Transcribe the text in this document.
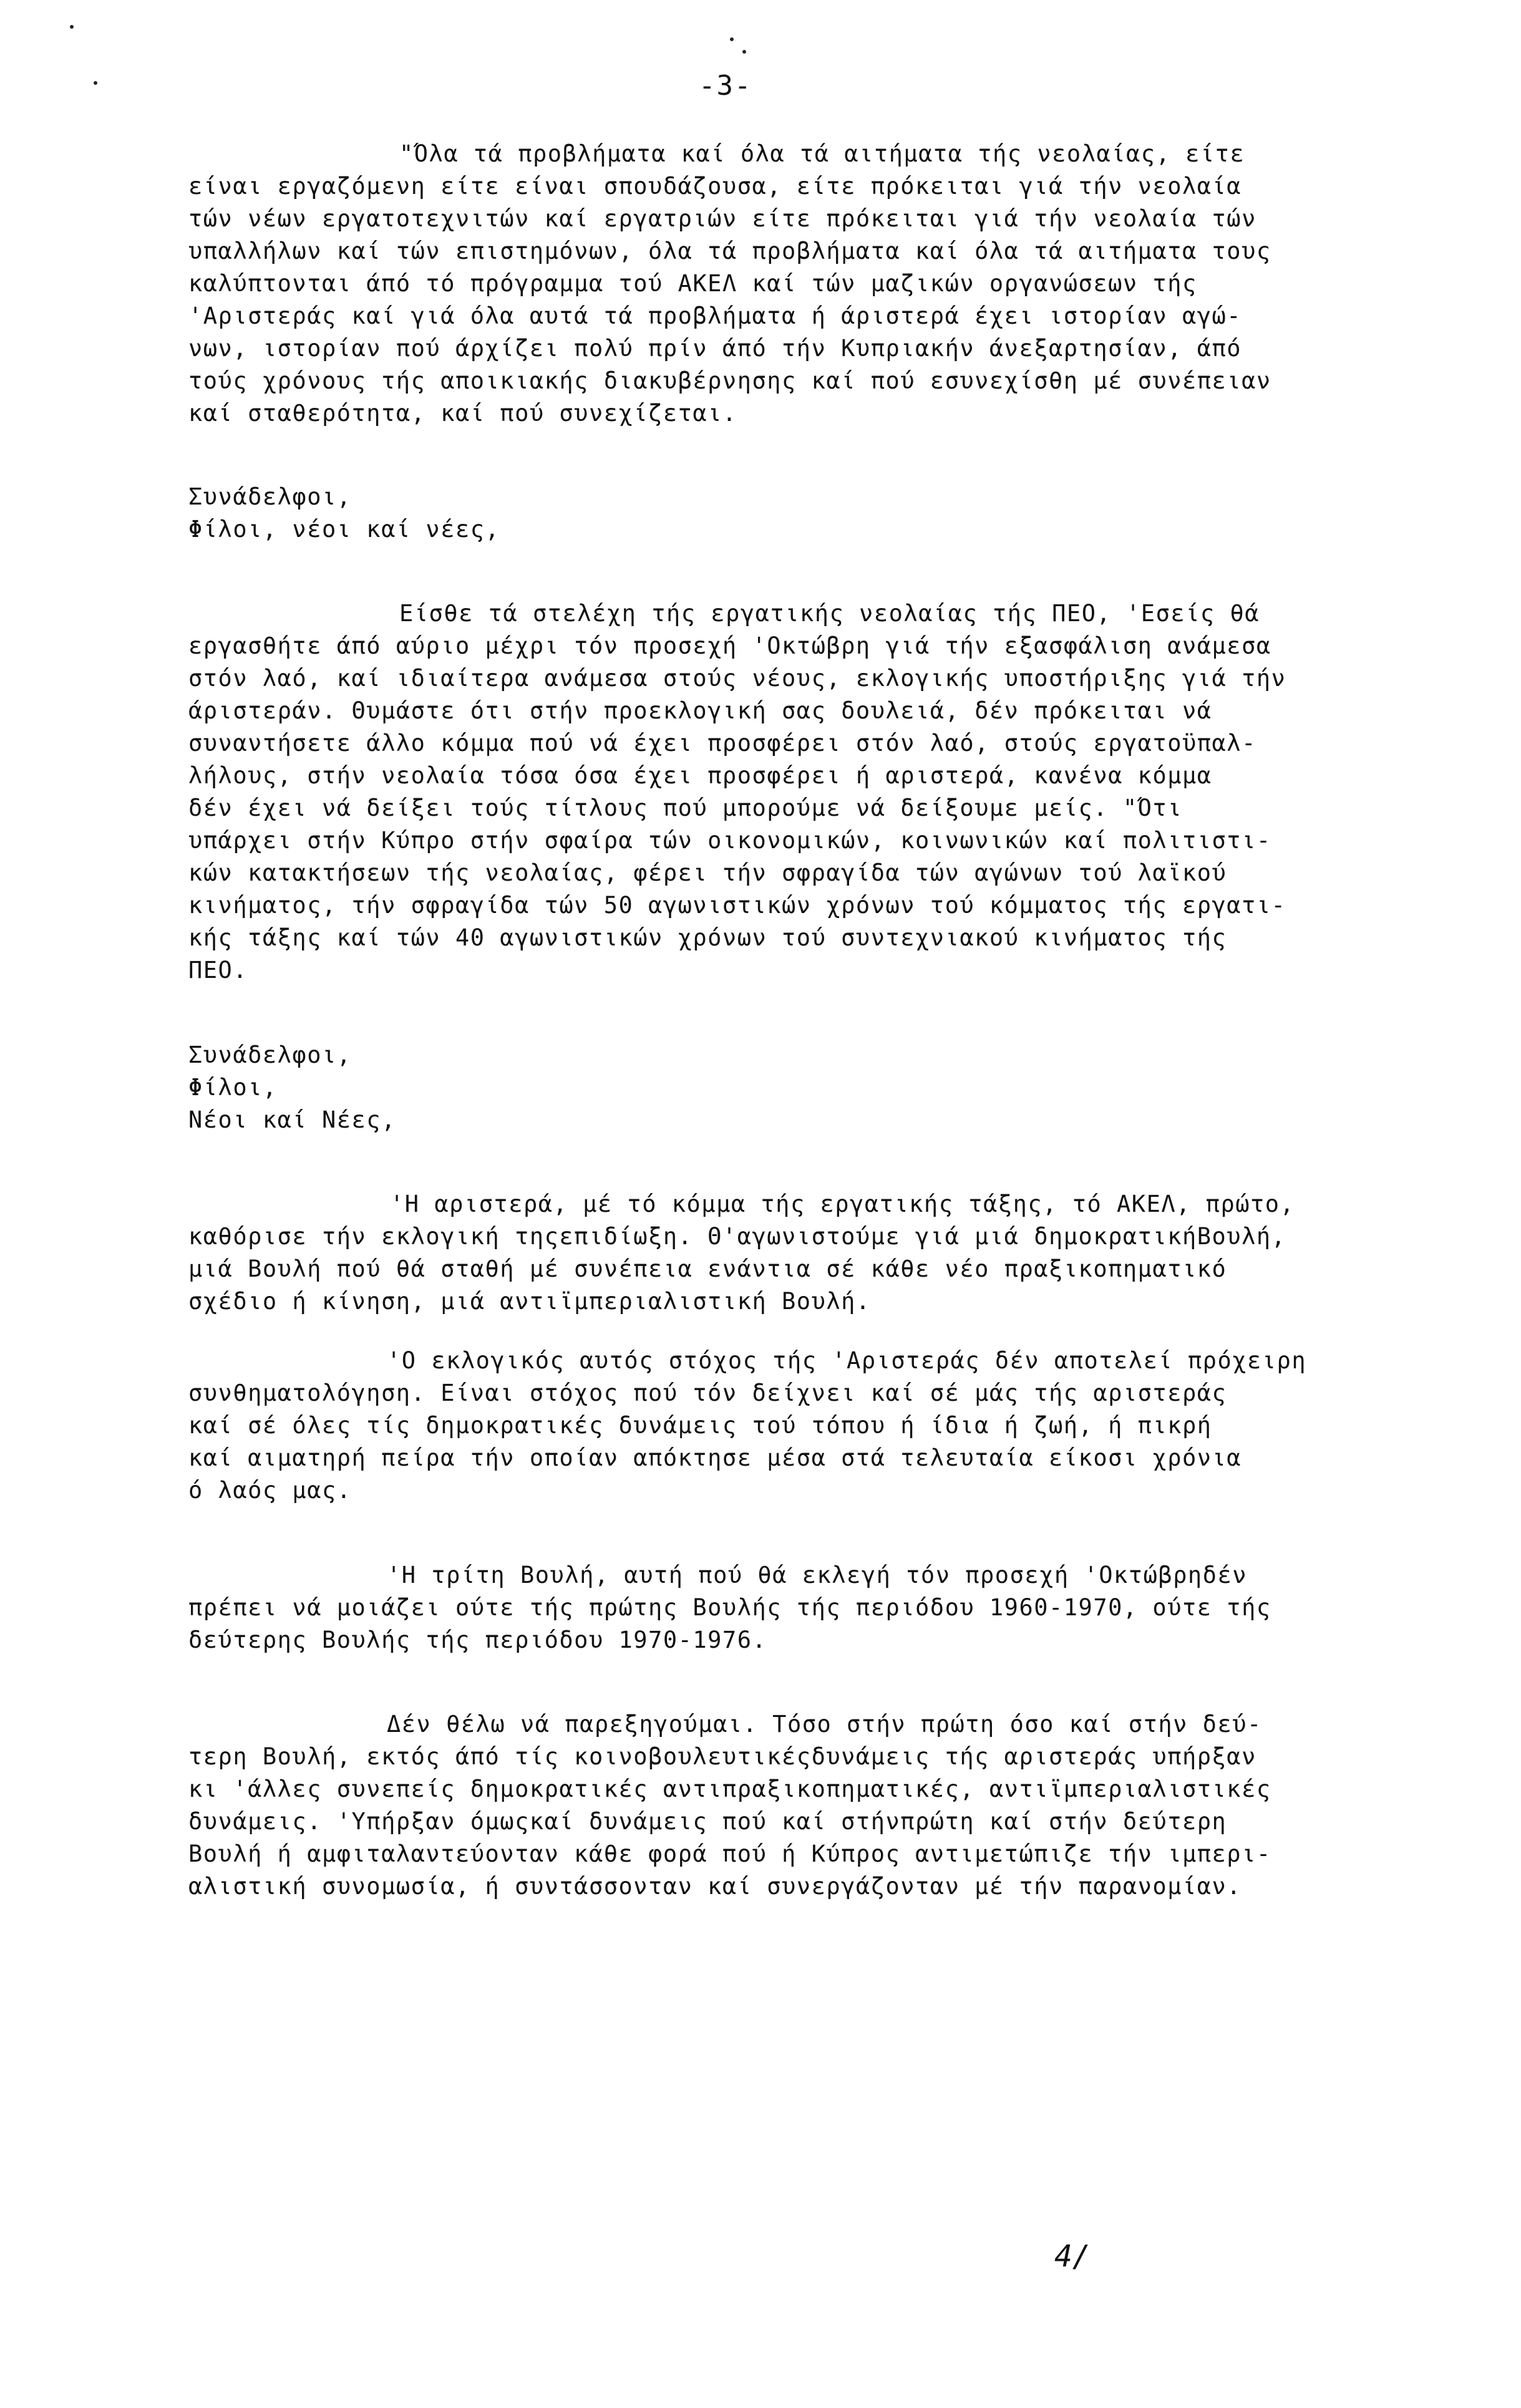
-3-
"Όλα τά προβλήματα καί όλα τά αιτήματα τής νεολαίας, είτε
είναι εργαζόμενη είτε είναι σπουδάζουσα, είτε πρόκειται γιά τήν νεολαία
τών νέων εργατοτεχνιτών καί εργατριών είτε πρόκειται γιά τήν νεολαία τών
υπαλλήλων καί τών επιστημόνων, όλα τά προβλήματα καί όλα τά αιτήματα τους
καλύπτονται άπό τό πρόγραμμα τού ΑΚΕΛ καί τών μαζικών οργανώσεων τής
'Αριστεράς καί γιά όλα αυτά τά προβλήματα ή άριστερά έχει ιστορίαν αγώ-
νων, ιστορίαν πού άρχίζει πολύ πρίν άπό τήν Κυπριακήν άνεξαρτησίαν, άπό
τούς χρόνους τής αποικιακής διακυβέρνησης καί πού εσυνεχίσθη μέ συνέπειαν
καί σταθερότητα, καί πού συνεχίζεται.
Συνάδελφοι,
Φίλοι, νέοι καί νέες,
Είσθε τά στελέχη τής εργατικής νεολαίας τής ΠΕΟ, 'Εσείς θά
εργασθήτε άπό αύριο μέχρι τόν προσεχή 'Οκτώβρη γιά τήν εξασφάλιση ανάμεσα
στόν λαό, καί ιδιαίτερα ανάμεσα στούς νέους, εκλογικής υποστήριξης γιά τήν
άριστεράν. Θυμάστε ότι στήν προεκλογική σας δουλειά, δέν πρόκειται νά
συναντήσετε άλλο κόμμα πού νά έχει προσφέρει στόν λαό, στούς εργατοϋπαλ-
λήλους, στήν νεολαία τόσα όσα έχει προσφέρει ή αριστερά, κανένα κόμμα
δέν έχει νά δείξει τούς τίτλους πού μπορούμε νά δείξουμε μείς. "Ότι
υπάρχει στήν Κύπρο στήν σφαίρα τών οικονομικών, κοινωνικών καί πολιτιστι-
κών κατακτήσεων τής νεολαίας, φέρει τήν σφραγίδα τών αγώνων τού λαϊκού
κινήματος, τήν σφραγίδα τών 50 αγωνιστικών χρόνων τού κόμματος τής εργατι-
κής τάξης καί τών 40 αγωνιστικών χρόνων τού συντεχνιακού κινήματος τής
ΠΕΟ.
Συνάδελφοι,
Φίλοι,
Νέοι καί Νέες,
'Η αριστερά, μέ τό κόμμα τής εργατικής τάξης, τό ΑΚΕΛ, πρώτο,
καθόρισε τήν εκλογική τηςεπιδίωξη. Θ'αγωνιστούμε γιά μιά δημοκρατικήΒουλή,
μιά Βουλή πού θά σταθή μέ συνέπεια ενάντια σέ κάθε νέο πραξικοπηματικό
σχέδιο ή κίνηση, μιά αντιϊμπεριαλιστική Βουλή.
'Ο εκλογικός αυτός στόχος τής 'Αριστεράς δέν αποτελεί πρόχειρη
συνθηματολόγηση. Είναι στόχος πού τόν δείχνει καί σέ μάς τής αριστεράς
καί σέ όλες τίς δημοκρατικές δυνάμεις τού τόπου ή ίδια ή ζωή, ή πικρή
καί αιματηρή πείρα τήν οποίαν απόκτησε μέσα στά τελευταία είκοσι χρόνια
ό λαός μας.
'Η τρίτη Βουλή, αυτή πού θά εκλεγή τόν προσεχή 'Οκτώβρηδέν
πρέπει νά μοιάζει ούτε τής πρώτης Βουλής τής περιόδου 1960-1970, ούτε τής
δεύτερης Βουλής τής περιόδου 1970-1976.
Δέν θέλω νά παρεξηγούμαι. Τόσο στήν πρώτη όσο καί στήν δεύ-
τερη Βουλή, εκτός άπό τίς κοινοβουλευτικέςδυνάμεις τής αριστεράς υπήρξαν
κι 'άλλες συνεπείς δημοκρατικές αντιπραξικοπηματικές, αντιϊμπεριαλιστικές
δυνάμεις. 'Υπήρξαν όμωςκαί δυνάμεις πού καί στήνπρώτη καί στήν δεύτερη
Βουλή ή αμφιταλαντεύονταν κάθε φορά πού ή Κύπρος αντιμετώπιζε τήν ιμπερι-
αλιστική συνομωσία, ή συντάσσονταν καί συνεργάζονταν μέ τήν παρανομίαν.
4/
